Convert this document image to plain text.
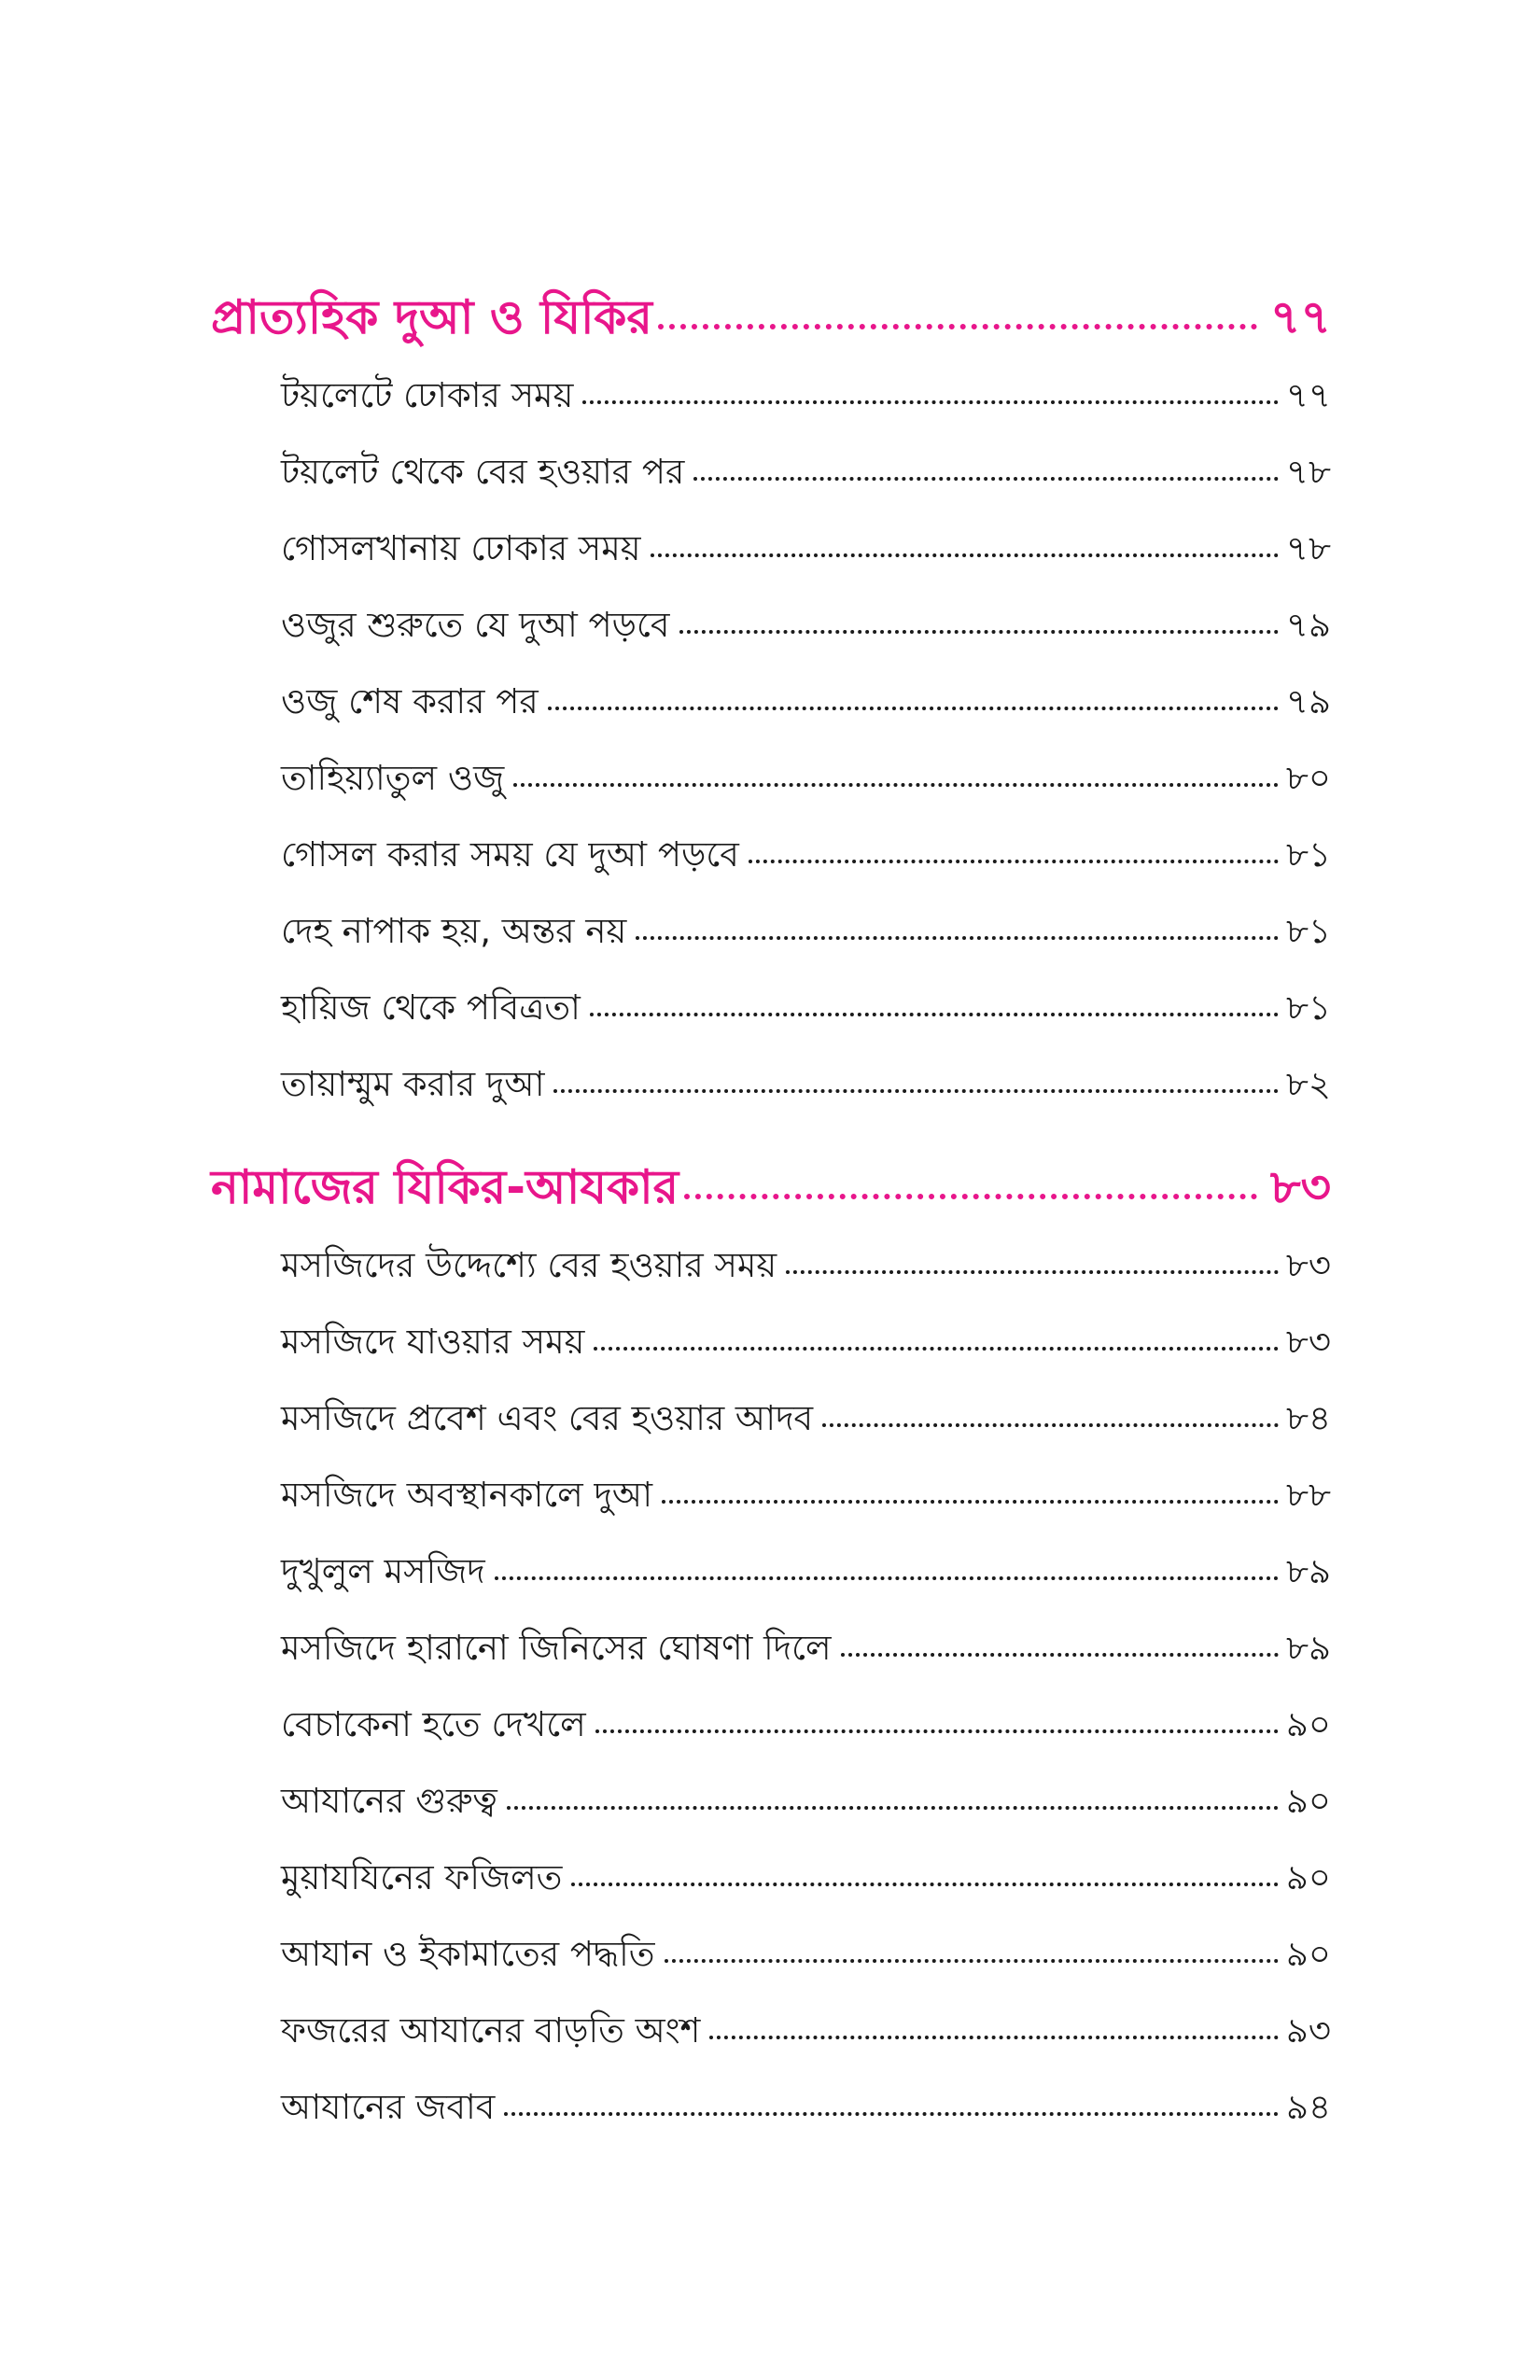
প্রাত্যহিক দুআ ও যিকির	৭৭
টয়লেটে ঢোকার সময়	৭৭
টয়লেট থেকে বের হওয়ার পর	৭৮
গোসলখানায় ঢোকার সময়	৭৮
ওজুর শুরুতে যে দুআ পড়বে	৭৯
ওজু শেষ করার পর	৭৯
তাহিয়্যাতুল ওজু	৮০
গোসল করার সময় যে দুআ পড়বে	৮১
দেহ নাপাক হয়, অন্তর নয়	৮১
হায়িজ থেকে পবিত্রতা	৮১
তায়াম্মুম করার দুআ	৮২
নামাজের যিকির-আযকার	৮৩
মসজিদের উদ্দেশ্যে বের হওয়ার সময়	৮৩
মসজিদে যাওয়ার সময়	৮৩
মসজিদে প্রবেশ এবং বের হওয়ার আদব	৮৪
মসজিদে অবস্থানকালে দুআ	৮৮
দুখুলুল মসজিদ	৮৯
মসজিদে হারানো জিনিসের ঘোষণা দিলে	৮৯
বেচাকেনা হতে দেখলে	৯০
আযানের গুরুত্ব	৯০
মুয়াযযিনের ফজিলত	৯০
আযান ও ইকামাতের পদ্ধতি	৯০
ফজরের আযানের বাড়তি অংশ	৯৩
আযানের জবাব	৯৪
